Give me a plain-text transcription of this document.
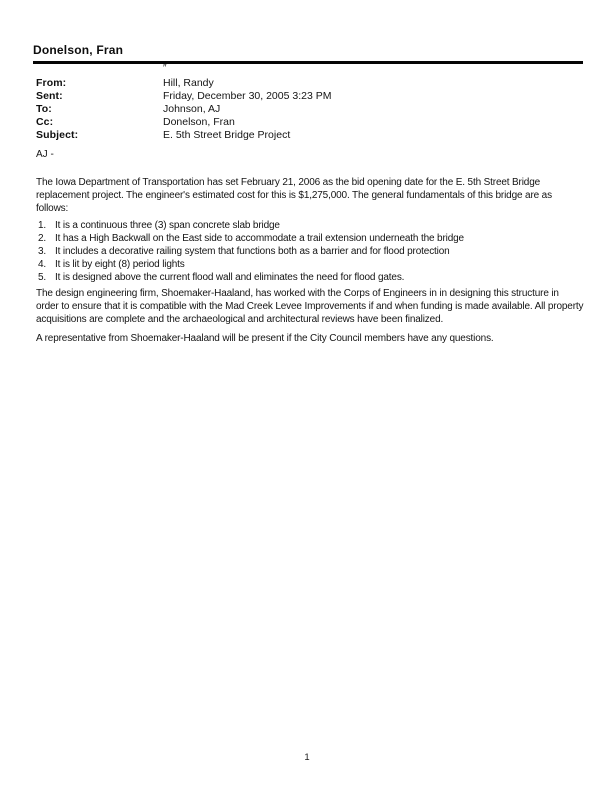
Donelson, Fran
″
From:	Hill, Randy
Sent:	Friday, December 30, 2005 3:23 PM
To:	Johnson, AJ
Cc:	Donelson, Fran
Subject:	E. 5th Street Bridge Project

AJ -

The Iowa Department of Transportation has set February 21, 2006 as the bid opening date for the E. 5th Street Bridge replacement project. The engineer's estimated cost for this is $1,275,000. The general fundamentals of this bridge are as follows:

1. It is a continuous three (3) span concrete slab bridge
2. It has a High Backwall on the East side to accommodate a trail extension underneath the bridge
3. It includes a decorative railing system that functions both as a barrier and for flood protection
4. It is lit by eight (8) period lights
5. It is designed above the current flood wall and eliminates the need for flood gates.

The design engineering firm, Shoemaker-Haaland, has worked with the Corps of Engineers in in designing this structure in order to ensure that it is compatible with the Mad Creek Levee Improvements if and when funding is made available. All property acquisitions are complete and the archaeological and architectural reviews have been finalized.

A representative from Shoemaker-Haaland will be present if the City Council members have any questions.

1
